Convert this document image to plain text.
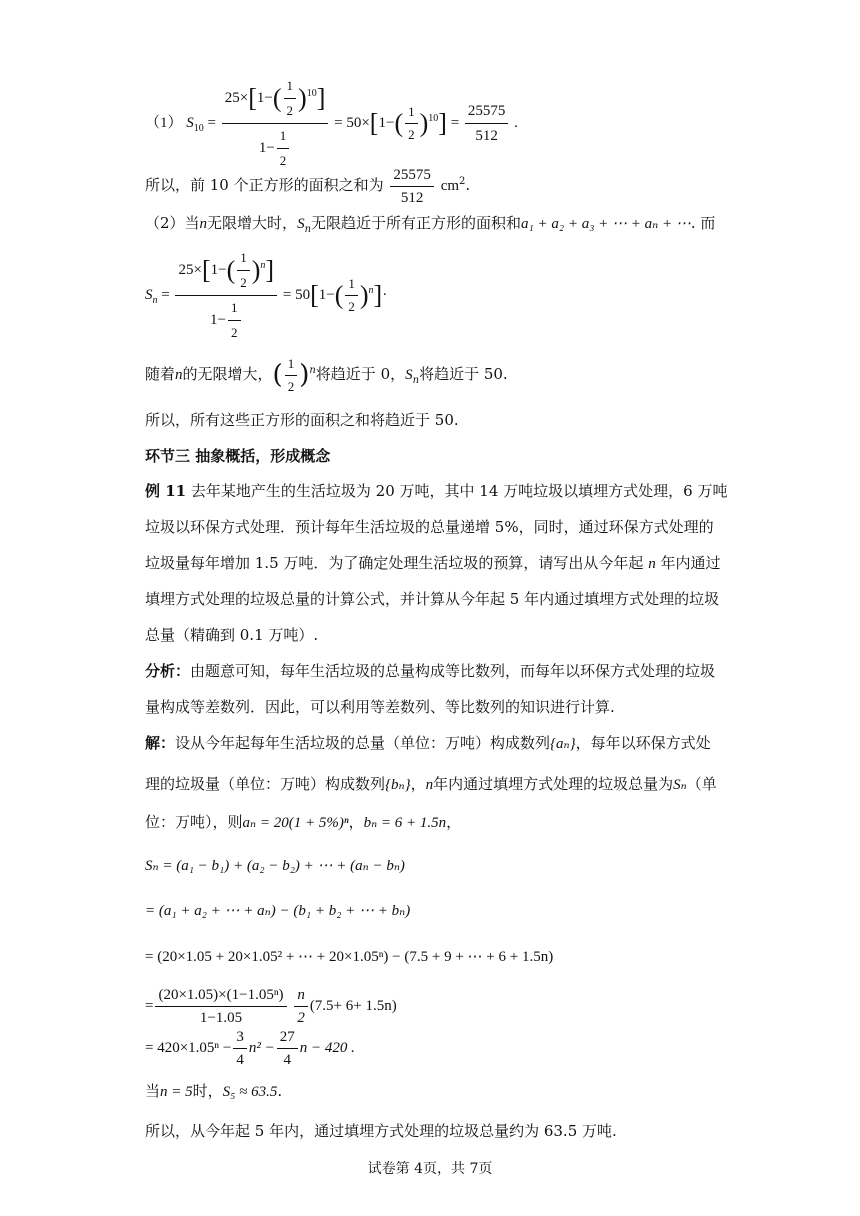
（1） $S_{10} = \frac{25\times[1-( \frac{1}{2} )^{10}]}{1- \frac{1}{2}} = 50\times[1-( \frac{1}{2} )^{10}] = \frac{25575}{512}$ .
所以，前 10 个正方形的面积之和为 $\frac{25575}{512} cm^2$.
（2）当n无限增大时，$S_n$无限趋近于所有正方形的面积和a₁ + a₂ + a₃ + ⋯ + aₙ + ⋯. 而
$S_n = \frac{25\times[1-( \frac{1}{2} )^n]}{1- \frac{1}{2}} = 50[1-( \frac{1}{2} )^n]\cdot$
随着n的无限增大，( $\frac{1}{2} )^n$将趋近于 0，$S_n$将趋近于 50.
所以，所有这些正方形的面积之和将趋近于 50.
环节三 抽象概括，形成概念
例 11 去年某地产生的生活垃圾为 20 万吨，其中 14 万吨垃圾以填埋方式处理，6 万吨
垃圾以环保方式处理．预计每年生活垃圾的总量递增 5%，同时，通过环保方式处理的
垃圾量每年增加 1.5 万吨．为了确定处理生活垃圾的预算，请写出从今年起 n 年内通过
填埋方式处理的垃圾总量的计算公式，并计算从今年起 5 年内通过填埋方式处理的垃圾
总量（精确到 0.1 万吨）.
分析：由题意可知，每年生活垃圾的总量构成等比数列，而每年以环保方式处理的垃圾
量构成等差数列．因此，可以利用等差数列、等比数列的知识进行计算.
解：设从今年起每年生活垃圾的总量（单位：万吨）构成数列{aₙ}，每年以环保方式处
理的垃圾量（单位：万吨）构成数列{bₙ}，n年内通过填埋方式处理的垃圾总量为Sₙ（单
位：万吨），则aₙ = 20(1 + 5%)ⁿ，bₙ = 6 + 1.5n，
Sₙ = (a₁ − b₁) + (a₂ − b₂) + ⋯ + (aₙ − bₙ)
= (a₁ + a₂ + ⋯ + aₙ) − (b₁ + b₂ + ⋯ + bₙ)
= (20×1.05 + 20×1.05² + ⋯ + 20×1.05ⁿ) − (7.5 + 9 + ⋯ + 6 + 1.5n)
= $\frac{\text{(20×1.05)×(1−1.05ⁿ)}}{1-1.05}$
$\frac{n}{2} (7.5+ 6+ 1.5n)$
= $420\times 1.05^n - \frac{3}{4} n^2 - \frac{27}{4}$ n − 420 .
当n = 5时，S₅ ≈ 63.5.
所以，从今年起 5 年内，通过填埋方式处理的垃圾总量约为 63.5 万吨.
试卷第 4页，共 7页
